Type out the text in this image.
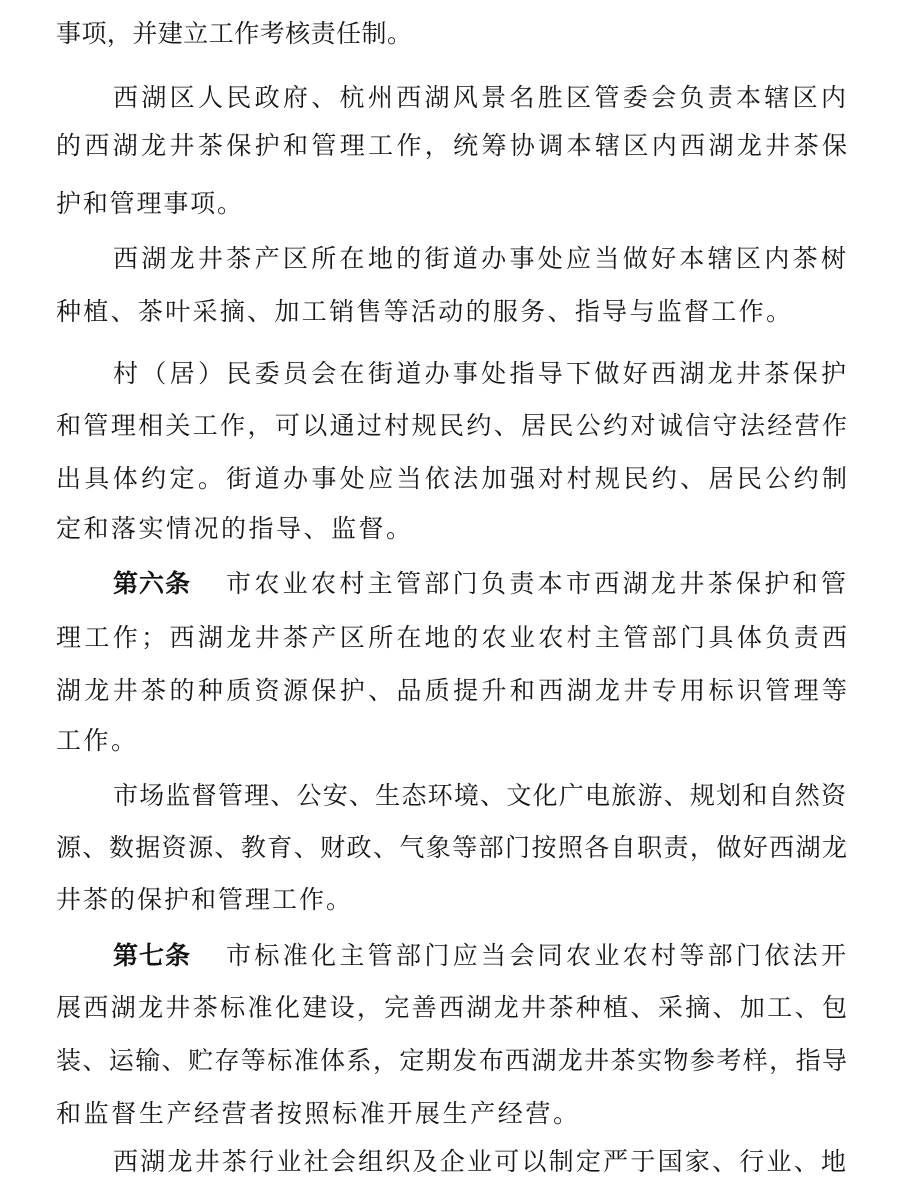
事项，并建立工作考核责任制。
西湖区人民政府、杭州西湖风景名胜区管委会负责本辖区内
的西湖龙井茶保护和管理工作，统筹协调本辖区内西湖龙井茶保
护和管理事项。
西湖龙井茶产区所在地的街道办事处应当做好本辖区内茶树
种植、茶叶采摘、加工销售等活动的服务、指导与监督工作。
村（居）民委员会在街道办事处指导下做好西湖龙井茶保护
和管理相关工作，可以通过村规民约、居民公约对诚信守法经营作
出具体约定。街道办事处应当依法加强对村规民约、居民公约制
定和落实情况的指导、监督。
市农业农村主管部门负责本市西湖龙井茶保护和管
第六条
理工作；西湖龙井茶产区所在地的农业农村主管部门具体负责西
湖龙井茶的种质资源保护、品质提升和西湖龙井专用标识管理等
工作。
市场监督管理、公安、生态环境、文化广电旅游、规划和自然资
源、数据资源、教育、财政、气象等部门按照各自职责，做好西湖龙
井茶的保护和管理工作。
市标准化主管部门应当会同农业农村等部门依法开
第七条
展西湖龙井茶标准化建设，完善西湖龙井茶种植、采摘、加工、包
装、运输、贮存等标准体系，定期发布西湖龙井茶实物参考样，指导
和监督生产经营者按照标准开展生产经营。
西湖龙井茶行业社会组织及企业可以制定严于国家、行业、地
